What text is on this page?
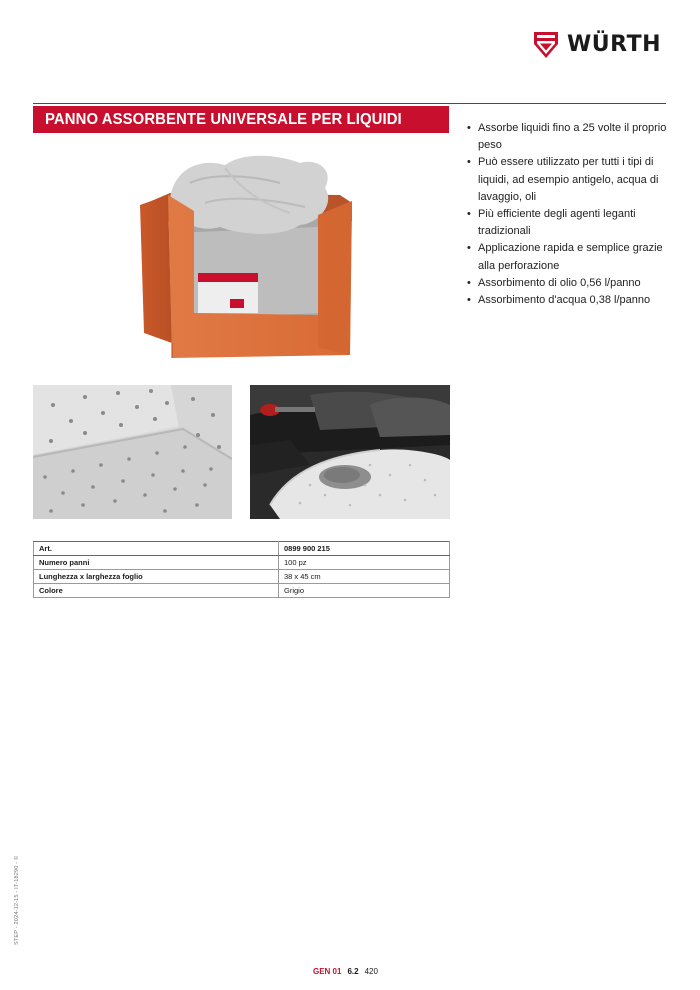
WÜRTH
PANNO ASSORBENTE UNIVERSALE PER LIQUIDI
• Assorbe liquidi fino a 25 volte il proprio peso
• Può essere utilizzato per tutti i tipi di liquidi, ad esempio antigelo, acqua di lavaggio, oli
• Più efficiente degli agenti leganti tradizionali
• Applicazione rapida e semplice grazie alla perforazione
• Assorbimento di olio 0,56 l/panno
• Assorbimento d'acqua 0,38 l/panno
Art.	0899 900 215
Numero panni	100 pz
Lunghezza x larghezza foglio	38 x 45 cm
Colore	Grigio
STEP - 2024-12-15 - IT-18290 - ©
GEN 01 6.2 420
